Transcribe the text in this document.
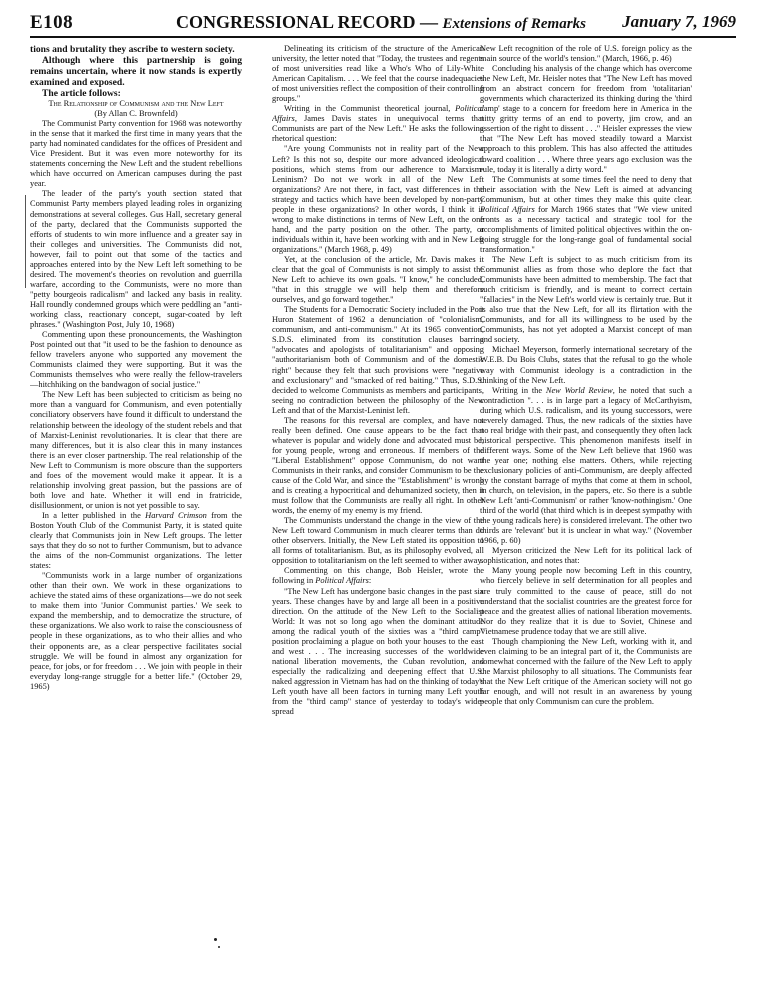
E108	CONGRESSIONAL RECORD — Extensions of Remarks January 7, 1969

tions and brutality they ascribe to western society.

Although where this partnership is going remains uncertain, where it now stands is expertly examined and exposed.

The article follows:

The Relationship of Communism and the New Left

(By Allan C. Brownfeld)

The Communist Party convention for 1968 was noteworthy in the sense that it marked the first time in many years that the party had nominated candidates for the offices of President and Vice President. But it was even more noteworthy for its statements concerning the New Left and the student rebellions which have occurred on American campuses during the past year.

The leader of the party's youth section stated that Communist Party members played leading roles in organizing demonstrations at several colleges. Gus Hall, secretary general of the party, declared that the Communists supported the efforts of students to win more influence and a greater say in their colleges and universities. The Communists did not, however, fail to point out that some of the tactics and approaches entered into by the New Left left something to be desired. The movement's theories on revolution and guerrilla warfare, according to the Communists, were no more than "petty bourgeois radicalism" and lacked any basis in reality. Hall roundly condemned groups which were peddling an "anti-working class, reactionary concept, sugar-coated by left phrases." (Washington Post, July 10, 1968)

Commenting upon these pronouncements, the Washington Post pointed out that "it used to be the fashion to denounce as fellow travelers anyone who supported any movement the Communists claimed they were supporting. But it was the Communists themselves who were really the fellow-travelers—hitchhiking on the bandwagon of social justice."

The New Left has been subjected to criticism as being no more than a vanguard for Communism, and even potentially conciliatory observers have found it difficult to understand the relationship between the ideology of the student rebels and that of Marxist-Leninist revolutionaries. It is clear that there are many differences, but it is also clear this in many instances there is an ever closer partnership. The real relationship of the New Left to Communism is more obscure than the supporters and foes of the movement would make it appear. It is a relationship involving great passion, but the passions are of both love and hate. Whether it will end in fratricide, disillusionment, or union is not yet possible to say.

In a letter published in the Harvard Crimson from the Boston Youth Club of the Communist Party, it is stated quite clearly that Communists join in New Left groups. The letter says that they do so not to further Communism, but to advance the aims of the non-Communist organizations. The letter states:

"Communists work in a large number of organizations other than their own. We work in these organizations to achieve the stated aims of these organizations—we do not seek to make them into 'Junior Communist parties.' We seek to expand the membership, and to democratize the structure, of these organizations. We also work to raise the consciousness of people in these organizations, as to who their allies and who their opponents are, as a clear perspective facilitates social struggle. We will be found in almost any organization for peace, for jobs, or for freedom . . . We join with people in their everyday long-range struggle for a better life." (October 29, 1965)

Delineating its criticism of the structure of the American university, the letter noted that "Today, the trustees and regents of most universities read like a Who's Who of Lily-White American Capitalism. . . . We feel that the course inadequacies of most universities reflect the composition of their controlling groups."

Writing in the Communist theoretical journal, Political Affairs, James Davis states in unequivocal terms that Communists are part of the New Left." He asks the following rhetorical question:

"Are young Communists not in reality part of the New Left? Is this not so, despite our more advanced ideological positions, which stems from our adherence to Marxism-Leninism? Do not we work in all of the New Left organizations? Are not there, in fact, vast differences in the strategy and tactics which have been developed by non-party people in these organizations? In other words, I think it is wrong to make distinctions in terms of New Left, on the one hand, and the party position on the other. The party, or individuals within it, have been working with and in New Left organizations." (March 1968, p. 49)

Yet, at the conclusion of the article, Mr. Davis makes it clear that the goal of Communists is not simply to assist the New Left to achieve its own goals. "I know," he concluded, "that in this struggle we will help them and therefore ourselves, and go forward together."

The Students for a Democratic Society included in the Port Huron Statement of 1962 a denunciation of "colonialism, communism, and anti-communism." At its 1965 convention, S.D.S. eliminated from its constitution clauses barring "advocates and apologists of totalitarianism" and opposing "authoritarianism both of Communism and of the domestic right" because they felt that such provisions were "negative and exclusionary" and "smacked of red baiting." Thus, S.D.S. decided to welcome Communists as members and participants, seeing no contradiction between the philosophy of the New Left and that of the Marxist-Leninist left.

The reasons for this reversal are complex, and have not really been defined. One cause appears to be the fact that whatever is popular and widely done and advocated must be, for young people, wrong and erroneous. If members of the "Liberal Establishment" oppose Communism, do not want Communists in their ranks, and consider Communism to be the cause of the Cold War, and since the "Establishment" is wrong and is creating a hypocritical and dehumanized society, then it must follow that the Communists are really all right. In other words, the enemy of my enemy is my friend.

The Communists understand the change in the view of the New Left toward Communism in much clearer terms than do other observers. Initially, the New Left stated its opposition to all forms of totalitarianism. But, as its philosophy evolved, all opposition to totalitarianism on the left seemed to wither away.

Commenting on this change, Bob Heisler, wrote the following in Political Affairs:

"The New Left has undergone basic changes in the past six years. These changes have by and large all been in a positive direction. On the attitude of the New Left to the Socialist World: It was not so long ago when the dominant attitude among the radical youth of the sixties was a "third camp" position proclaiming a plague on both your houses to the east and west . . . The increasing successes of the worldwide national liberation movements, the Cuban revolution, and especially the radicalizing and deepening effect that U.S. naked aggression in Vietnam has had on the thinking of today's Left youth have all been factors in turning many Left youth from the "third camp" stance of yesterday to today's wide-spread

New Left recognition of the role of U.S. foreign policy as the main source of the world's tension." (March, 1966, p. 46)

Concluding his analysis of the change which has overcome the New Left, Mr. Heisler notes that "The New Left has moved from an abstract concern for freedom from 'totalitarian' governments which characterized its thinking during the 'third camp' stage to a concern for freedom here in America in the nitty gritty terms of an end to poverty, jim crow, and an assertion of the right to dissent . . ." Heisler expresses the view that "The New Left has moved steadily toward a Marxist approach to this problem. This has also affected the attitudes toward coalition . . . Where three years ago exclusion was the rule, today it is literally a dirty word."

The Communists at some times feel the need to deny that their association with the New Left is aimed at advancing Communism, but at other times they make this quite clear. Political Affairs for March 1966 states that "We view united fronts as a necessary tactical and strategic tool for the accomplishments of limited political objectives within the on-going struggle for the long-range goal of fundamental social transformation."

The New Left is subject to as much criticism from its Communist allies as from those who deplore the fact that Communists have been admitted to membership. The fact that such criticism is friendly, and is meant to correct certain "fallacies" in the New Left's world view is certainly true. But it is also true that the New Left, for all its flirtation with the Communists, and for all its willingness to be used by the Communists, has not yet adopted a Marxist concept of man and society.

Michael Meyerson, formerly international secretary of the W.E.B. Du Bois Clubs, states that the refusal to go the whole way with Communist ideology is a contradiction in the thinking of the New Left.

Writing in the New World Review, he noted that such a contradiction ". . . is in large part a legacy of McCarthyism, during which U.S. radicalism, and its young successors, were severely damaged. Thus, the new radicals of the sixties have no real bridge with their past, and consequently they often lack historical perspective. This phenomenon manifests itself in different ways. Some of the New Left believe that 1960 was the year one; nothing else matters. Others, while rejecting exclusionary policies of anti-Communism, are deeply affected by the constant barrage of myths that come at them in school, in church, on television, in the papers, etc. So there is a subtle New Left 'anti-Communism' or rather 'know-nothingism.' One third of the world (that third which is in deepest sympathy with the young radicals here) is considered irrelevant. The other two thirds are 'relevant' but it is unclear in what way." (November 1966, p. 60)

Myerson criticized the New Left for its political lack of sophistication, and notes that:

Many young people now becoming Left in this country, who fiercely believe in self determination for all peoples and are truly committed to the cause of peace, still do not understand that the socialist countries are the greatest force for peace and the greatest allies of national liberation movements. Nor do they realize that it is due to Soviet, Chinese and Vietnamese prudence today that we are still alive.

Though championing the New Left, working with it, and even claiming to be an integral part of it, the Communists are somewhat concerned with the failure of the New Left to apply the Marxist philosophy to all situations. The Communists fear that the New Left critique of the American society will not go far enough, and will not result in an awareness by young people that only Communism can cure the problem.
